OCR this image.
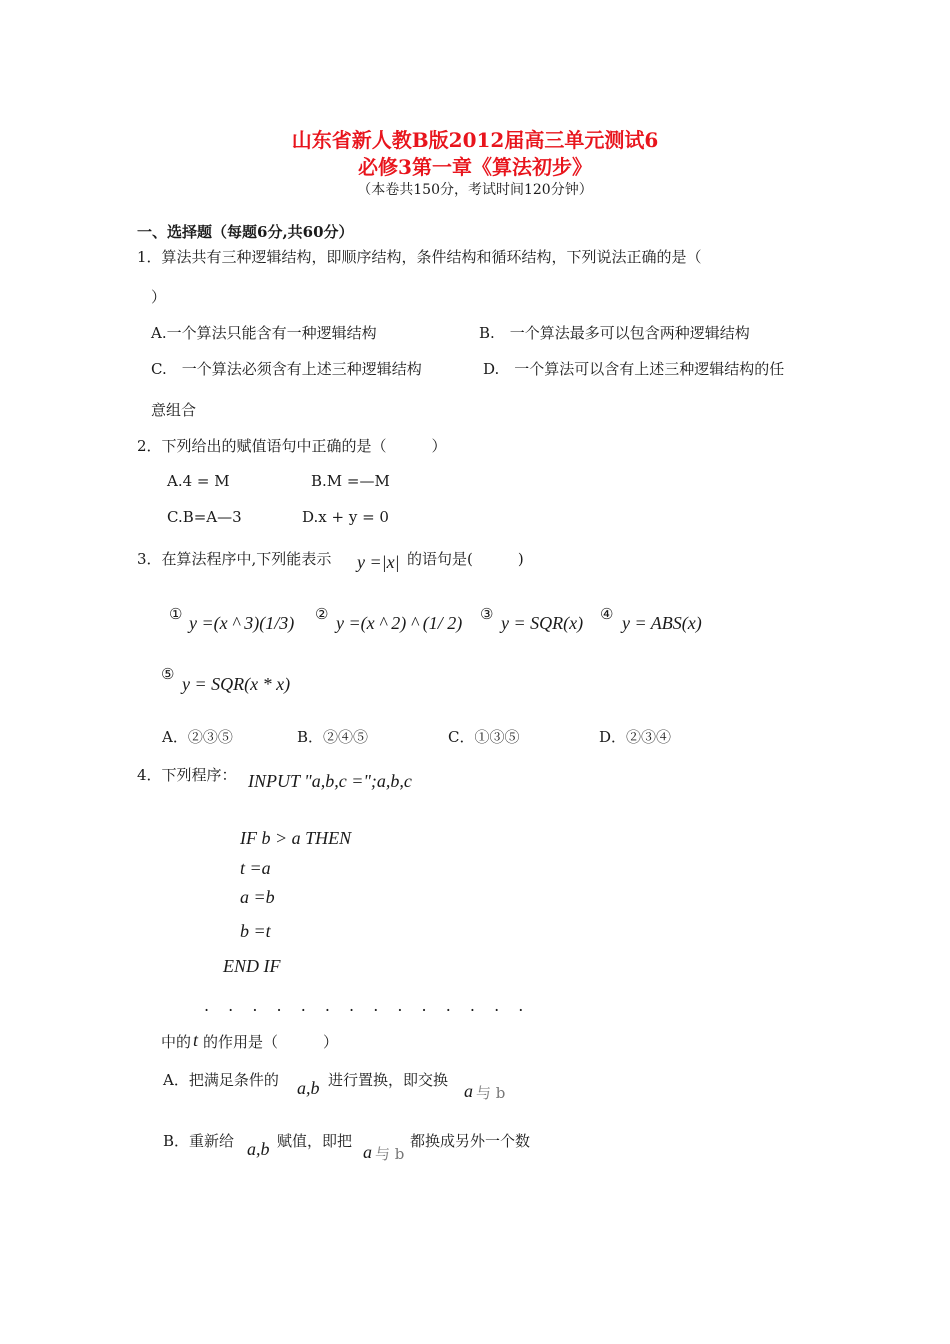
山东省新人教B版2012届高三单元测试6
必修3第一章《算法初步》
（本卷共150分，考试时间120分钟）
一、选择题（每题6分,共60分）
1．算法共有三种逻辑结构，即顺序结构，条件结构和循环结构，下列说法正确的是（
）
A.一个算法只能含有一种逻辑结构	B.　一个算法最多可以包含两种逻辑结构
C.　一个算法必须含有上述三种逻辑结构	D.　一个算法可以含有上述三种逻辑结构的任
意组合
2．下列给出的赋值语句中正确的是（　　　）
A.4 = M	B.M =—M
C.B=A—3	D.x + y = 0
3．在算法程序中,下列能表示 y =|x| 的语句是(　　　)
① y =(x ^ 3)(1/3) ② y =(x ^ 2) ^ (1/ 2) ③ y = SQR(x) ④ y = ABS(x)
⑤ y = SQR(x * x)
A．②③⑤	B．②④⑤	C．①③⑤	D．②③④
4．下列程序： INPUT "a,b,c =";a,b,c
IF b > a THEN
t =a
a =b
b =t
END IF
. . . . . . . . . . . . . .
中的 t 的作用是（　　　）
A．把满足条件的 a,b 进行置换，即交换
a 与 b
B．重新给 a,b 赋值，即把
a 与 b
都换成另外一个数
